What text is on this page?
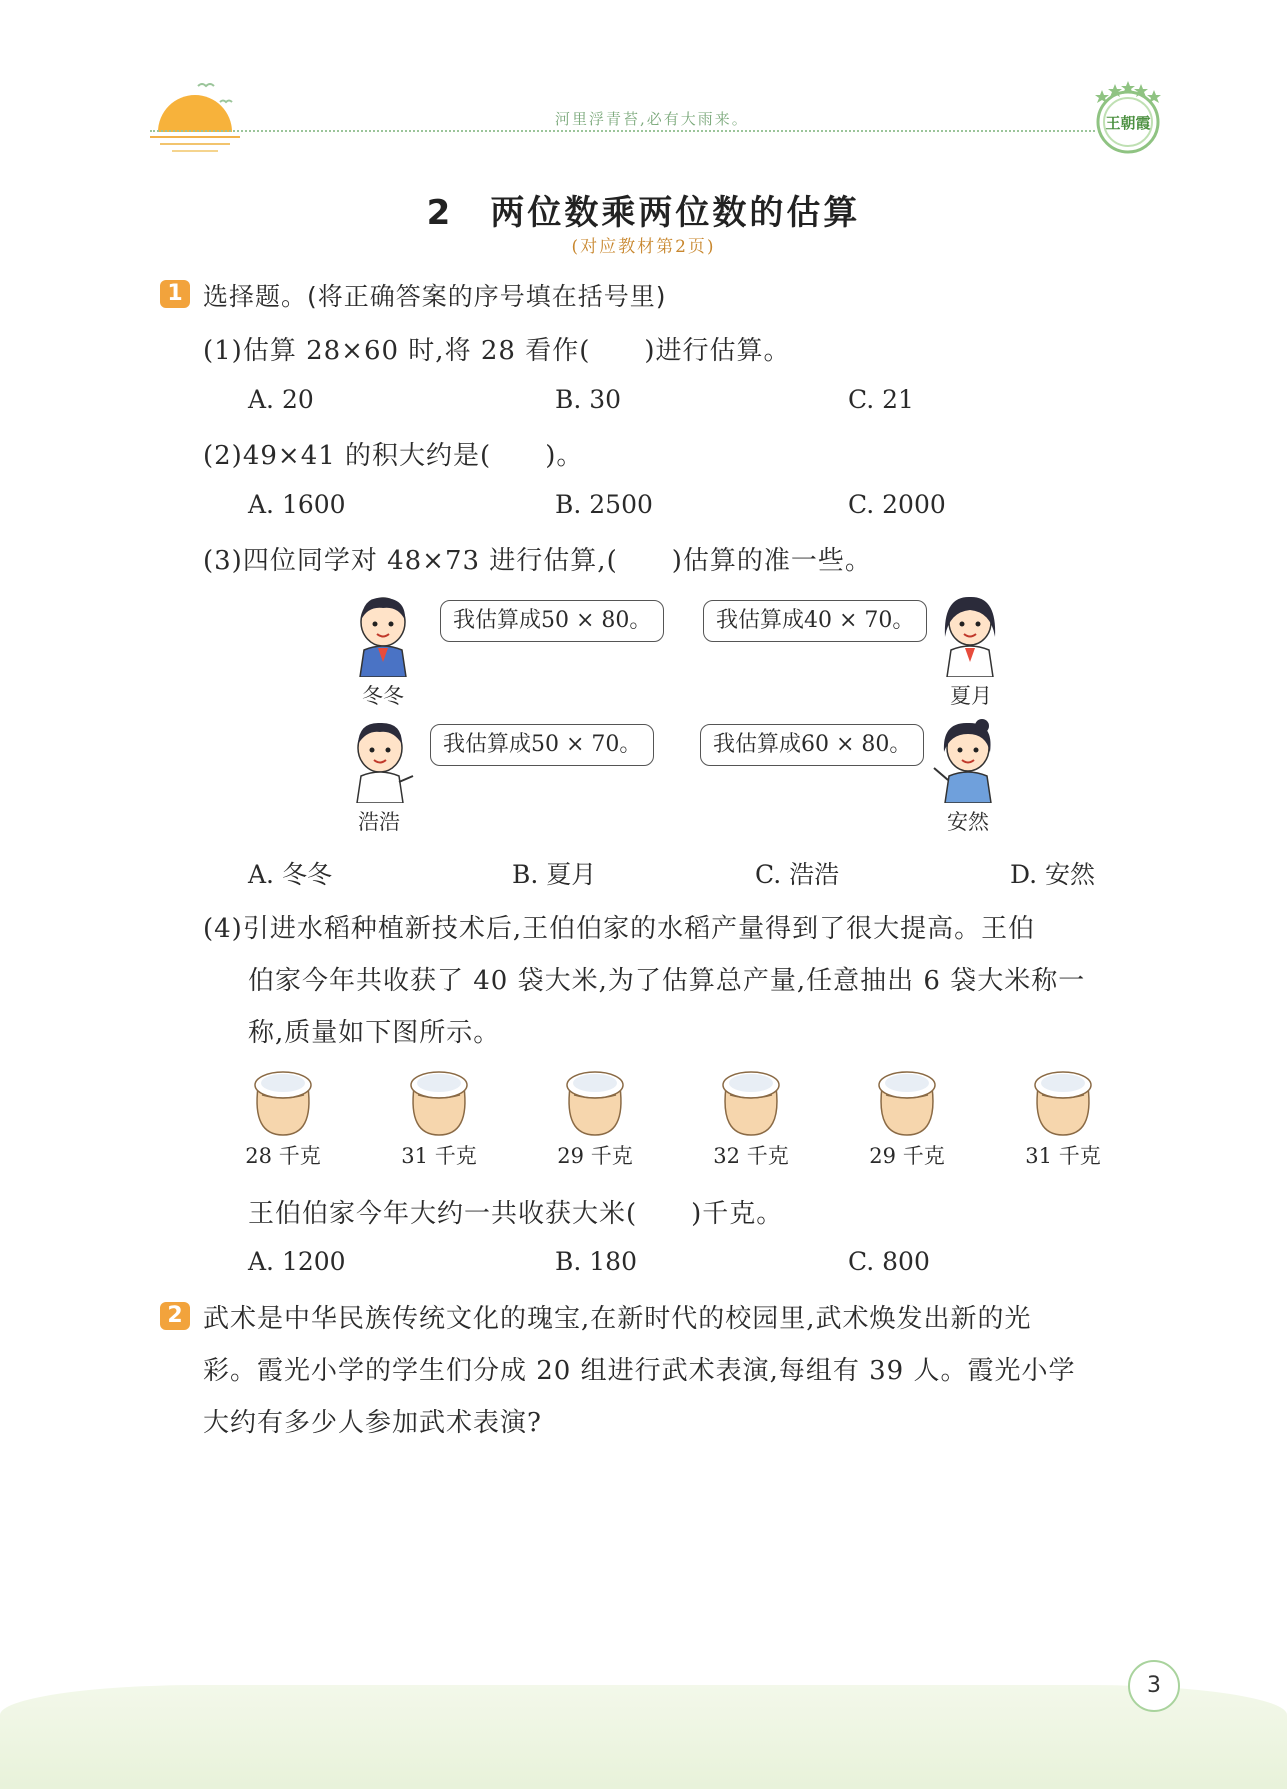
河里浮青苔,必有大雨来。	王朝霞
2　两位数乘两位数的估算
(对应教材第2页)
1 选择题。(将正确答案的序号填在括号里)
(1)估算 28×60 时,将 28 看作(　　)进行估算。
A. 20	B. 30	C. 21
(2)49×41 的积大约是(　　)。
A. 1600	B. 2500	C. 2000
(3)四位同学对 48×73 进行估算,(　　)估算的准一些。
冬冬
我估算成50 × 80。	我估算成40 × 70。
夏月
浩浩
我估算成50 × 70。	我估算成60 × 80。
安然
A. 冬冬	B. 夏月	C. 浩浩	D. 安然
(4)引进水稻种植新技术后,王伯伯家的水稻产量得到了很大提高。王伯
伯家今年共收获了 40 袋大米,为了估算总产量,任意抽出 6 袋大米称一
称,质量如下图所示。
28 千克	31 千克	29 千克	32 千克	29 千克	31 千克
王伯伯家今年大约一共收获大米(　　)千克。
A. 1200	B. 180	C. 800
2 武术是中华民族传统文化的瑰宝,在新时代的校园里,武术焕发出新的光
彩。霞光小学的学生们分成 20 组进行武术表演,每组有 39 人。霞光小学
大约有多少人参加武术表演?
3
